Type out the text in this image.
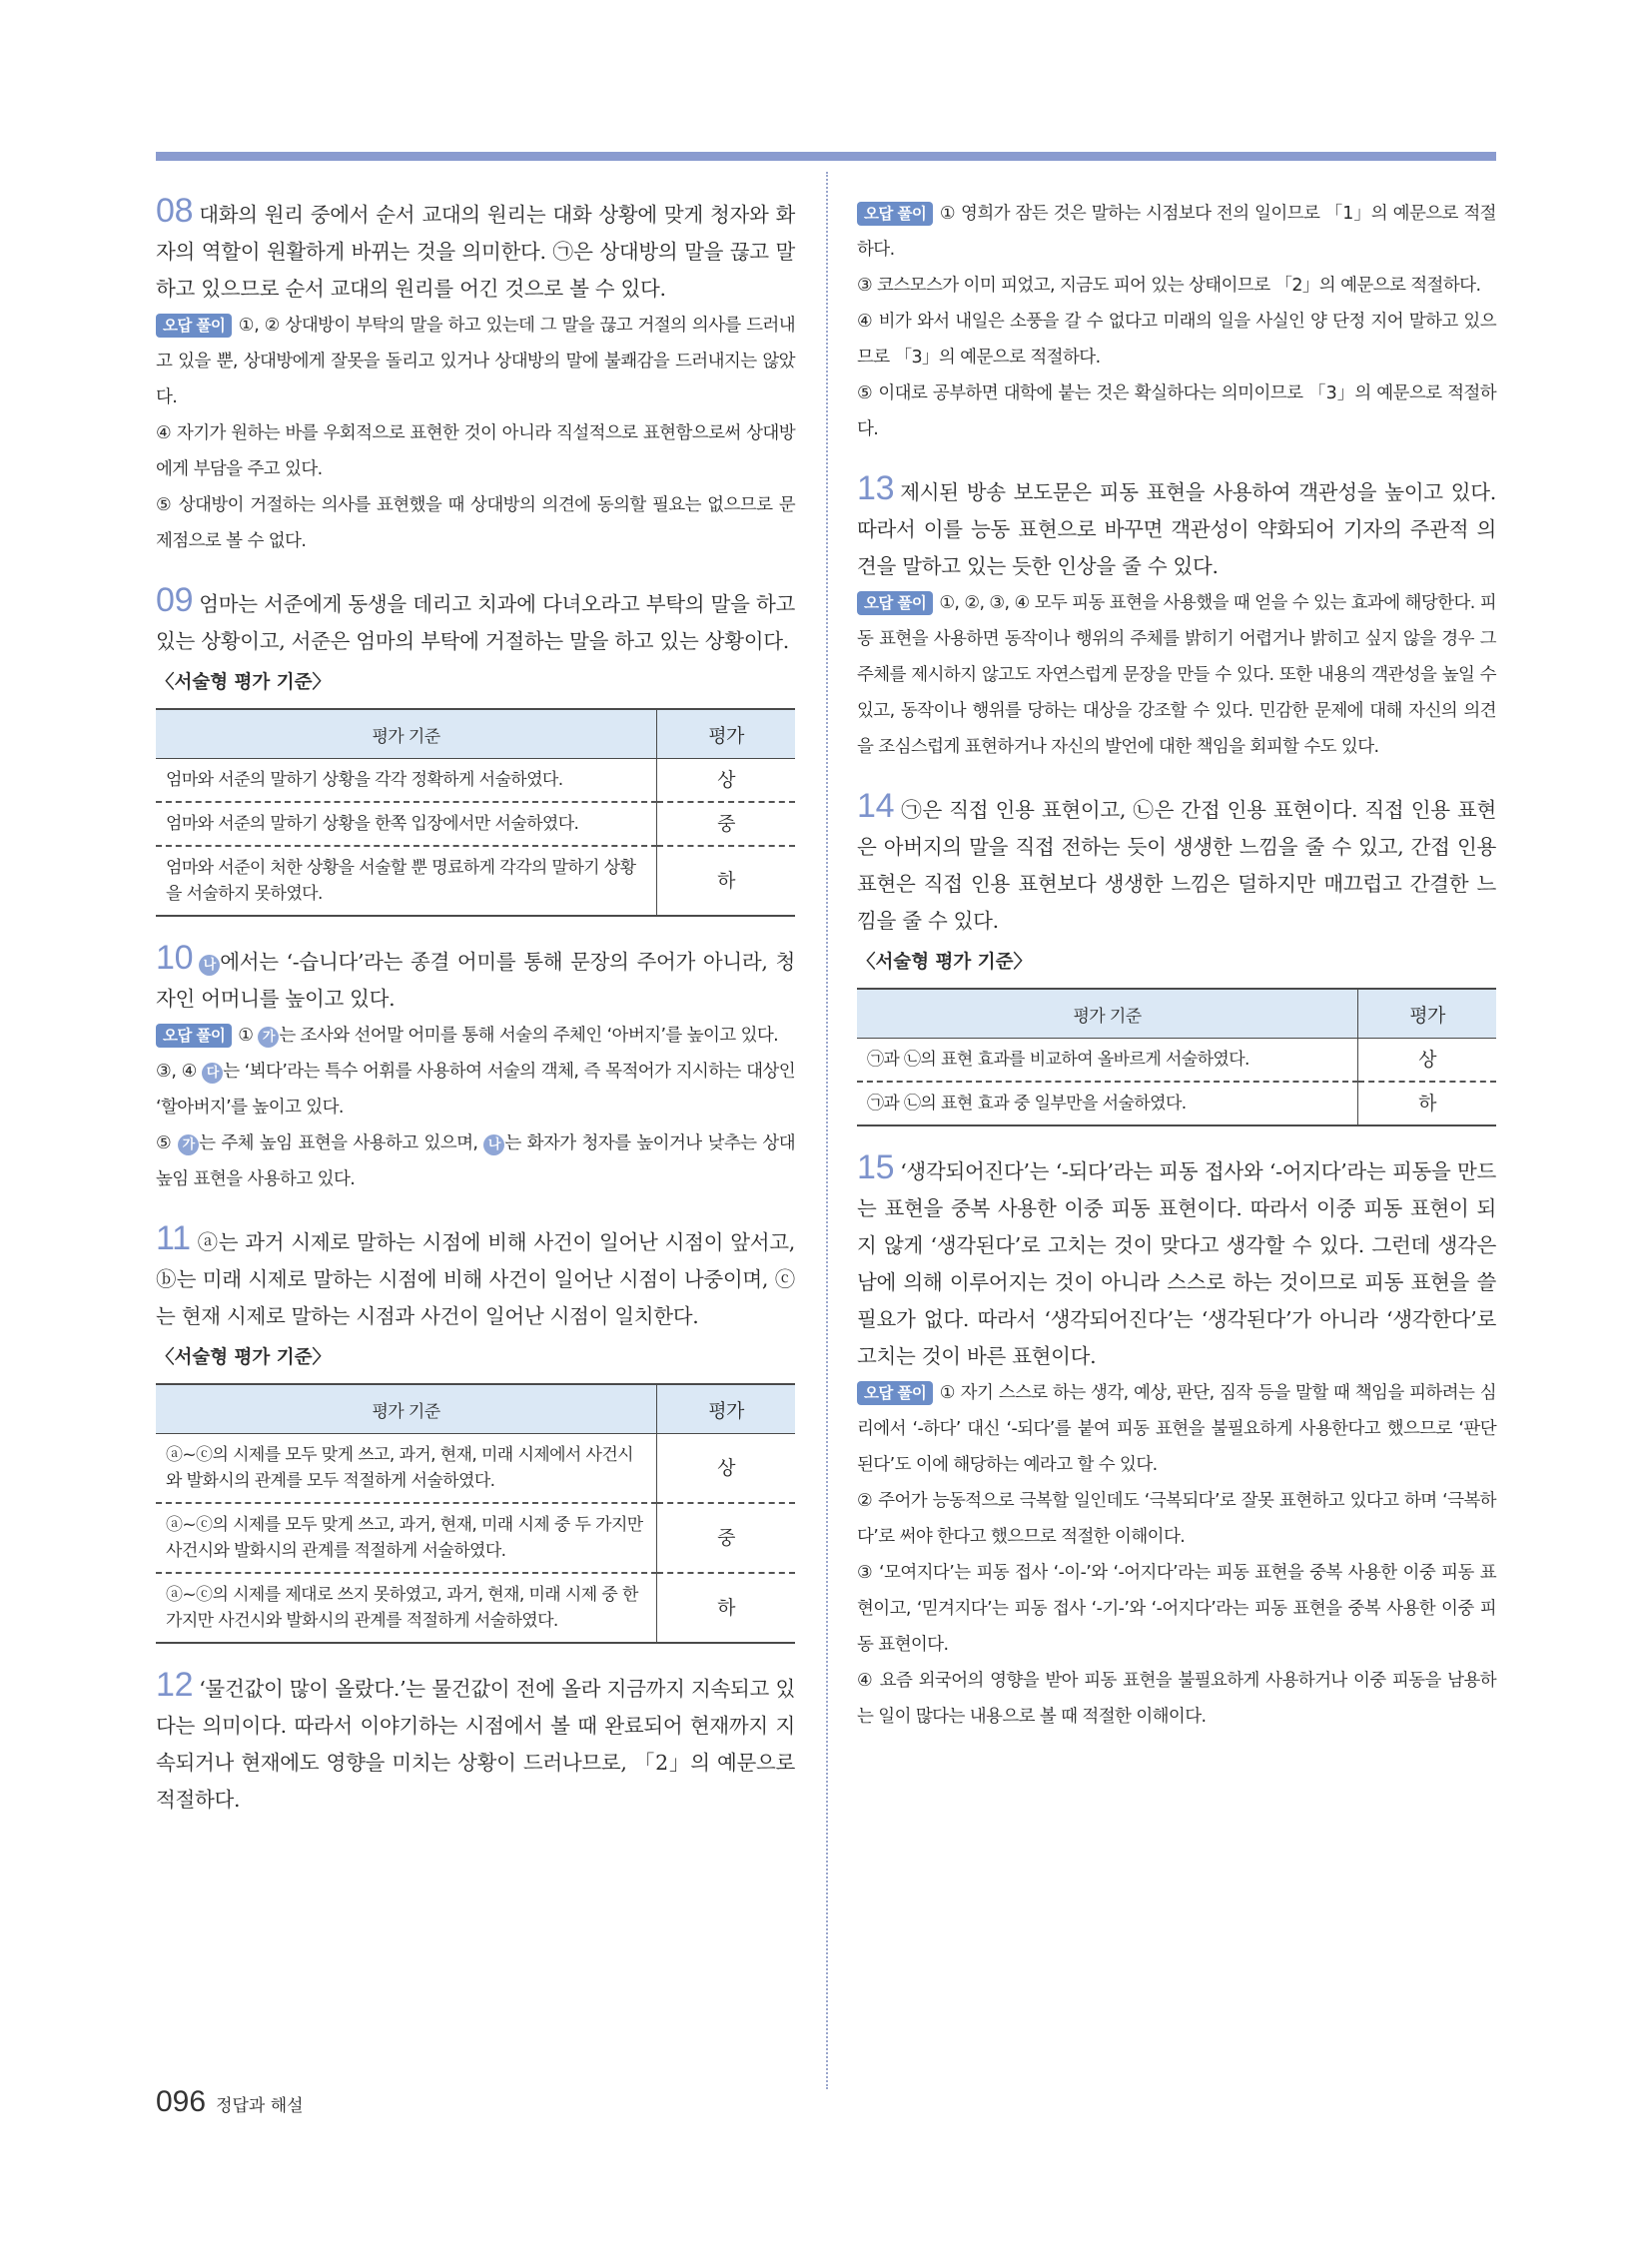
08 대화의 원리 중에서 순서 교대의 원리는 대화 상황에 맞게 청자와 화자의 역할이 원활하게 바뀌는 것을 의미한다. ㉠은 상대방의 말을 끊고 말하고 있으므로 순서 교대의 원리를 어긴 것으로 볼 수 있다.

오답 풀이 ①, ② 상대방이 부탁의 말을 하고 있는데 그 말을 끊고 거절의 의사를 드러내고 있을 뿐, 상대방에게 잘못을 돌리고 있거나 상대방의 말에 불쾌감을 드러내지는 않았다.

④ 자기가 원하는 바를 우회적으로 표현한 것이 아니라 직설적으로 표현함으로써 상대방에게 부담을 주고 있다.

⑤ 상대방이 거절하는 의사를 표현했을 때 상대방의 의견에 동의할 필요는 없으므로 문제점으로 볼 수 없다.

09 엄마는 서준에게 동생을 데리고 치과에 다녀오라고 부탁의 말을 하고 있는 상황이고, 서준은 엄마의 부탁에 거절하는 말을 하고 있는 상황이다.

〈서술형 평가 기준〉
평가 기준	평가
엄마와 서준의 말하기 상황을 각각 정확하게 서술하였다.	상
엄마와 서준의 말하기 상황을 한쪽 입장에서만 서술하였다.	중
엄마와 서준이 처한 상황을 서술할 뿐 명료하게 각각의 말하기 상황을 서술하지 못하였다.	하

10 나 에서는 ‘-습니다’라는 종결 어미를 통해 문장의 주어가 아니라, 청자인 어머니를 높이고 있다.

오답 풀이 ① 가 는 조사와 선어말 어미를 통해 서술의 주체인 ‘아버지’를 높이고 있다.

③, ④ 다 는 ‘뵈다’라는 특수 어휘를 사용하여 서술의 객체, 즉 목적어가 지시하는 대상인 ‘할아버지’를 높이고 있다.

⑤ 가 는 주체 높임 표현을 사용하고 있으며, 나 는 화자가 청자를 높이거나 낮추는 상대 높임 표현을 사용하고 있다.

11 ⓐ는 과거 시제로 말하는 시점에 비해 사건이 일어난 시점이 앞서고, ⓑ는 미래 시제로 말하는 시점에 비해 사건이 일어난 시점이 나중이며, ⓒ는 현재 시제로 말하는 시점과 사건이 일어난 시점이 일치한다.

〈서술형 평가 기준〉
평가 기준	평가
ⓐ~ⓒ의 시제를 모두 맞게 쓰고, 과거, 현재, 미래 시제에서 사건시와 발화시의 관계를 모두 적절하게 서술하였다.	상
ⓐ~ⓒ의 시제를 모두 맞게 쓰고, 과거, 현재, 미래 시제 중 두 가지만 사건시와 발화시의 관계를 적절하게 서술하였다.	중
ⓐ~ⓒ의 시제를 제대로 쓰지 못하였고, 과거, 현재, 미래 시제 중 한 가지만 사건시와 발화시의 관계를 적절하게 서술하였다.	하

12 ‘물건값이 많이 올랐다.’는 물건값이 전에 올라 지금까지 지속되고 있다는 의미이다. 따라서 이야기하는 시점에서 볼 때 완료되어 현재까지 지속되거나 현재에도 영향을 미치는 상황이 드러나므로, 「2」의 예문으로 적절하다.

오답 풀이 ① 영희가 잠든 것은 말하는 시점보다 전의 일이므로 「1」의 예문으로 적절하다.

③ 코스모스가 이미 피었고, 지금도 피어 있는 상태이므로 「2」의 예문으로 적절하다.

④ 비가 와서 내일은 소풍을 갈 수 없다고 미래의 일을 사실인 양 단정 지어 말하고 있으므로 「3」의 예문으로 적절하다.

⑤ 이대로 공부하면 대학에 붙는 것은 확실하다는 의미이므로 「3」의 예문으로 적절하다.

13 제시된 방송 보도문은 피동 표현을 사용하여 객관성을 높이고 있다. 따라서 이를 능동 표현으로 바꾸면 객관성이 약화되어 기자의 주관적 의견을 말하고 있는 듯한 인상을 줄 수 있다.

오답 풀이 ①, ②, ③, ④ 모두 피동 표현을 사용했을 때 얻을 수 있는 효과에 해당한다. 피동 표현을 사용하면 동작이나 행위의 주체를 밝히기 어렵거나 밝히고 싶지 않을 경우 그 주체를 제시하지 않고도 자연스럽게 문장을 만들 수 있다. 또한 내용의 객관성을 높일 수 있고, 동작이나 행위를 당하는 대상을 강조할 수 있다. 민감한 문제에 대해 자신의 의견을 조심스럽게 표현하거나 자신의 발언에 대한 책임을 회피할 수도 있다.

14 ㉠은 직접 인용 표현이고, ㉡은 간접 인용 표현이다. 직접 인용 표현은 아버지의 말을 직접 전하는 듯이 생생한 느낌을 줄 수 있고, 간접 인용 표현은 직접 인용 표현보다 생생한 느낌은 덜하지만 매끄럽고 간결한 느낌을 줄 수 있다.

〈서술형 평가 기준〉
평가 기준	평가
㉠과 ㉡의 표현 효과를 비교하여 올바르게 서술하였다.	상
㉠과 ㉡의 표현 효과 중 일부만을 서술하였다.	하

15 ‘생각되어진다’는 ‘-되다’라는 피동 접사와 ‘-어지다’라는 피동을 만드는 표현을 중복 사용한 이중 피동 표현이다. 따라서 이중 피동 표현이 되지 않게 ‘생각된다’로 고치는 것이 맞다고 생각할 수 있다. 그런데 생각은 남에 의해 이루어지는 것이 아니라 스스로 하는 것이므로 피동 표현을 쓸 필요가 없다. 따라서 ‘생각되어진다’는 ‘생각된다’가 아니라 ‘생각한다’로 고치는 것이 바른 표현이다.

오답 풀이 ① 자기 스스로 하는 생각, 예상, 판단, 짐작 등을 말할 때 책임을 피하려는 심리에서 ‘-하다’ 대신 ‘-되다’를 붙여 피동 표현을 불필요하게 사용한다고 했으므로 ‘판단된다’도 이에 해당하는 예라고 할 수 있다.

② 주어가 능동적으로 극복할 일인데도 ‘극복되다’로 잘못 표현하고 있다고 하며 ‘극복하다’로 써야 한다고 했으므로 적절한 이해이다.

③ ‘모여지다’는 피동 접사 ‘-이-’와 ‘-어지다’라는 피동 표현을 중복 사용한 이중 피동 표현이고, ‘믿겨지다’는 피동 접사 ‘-기-’와 ‘-어지다’라는 피동 표현을 중복 사용한 이중 피동 표현이다.

④ 요즘 외국어의 영향을 받아 피동 표현을 불필요하게 사용하거나 이중 피동을 남용하는 일이 많다는 내용으로 볼 때 적절한 이해이다.

096 정답과 해설
